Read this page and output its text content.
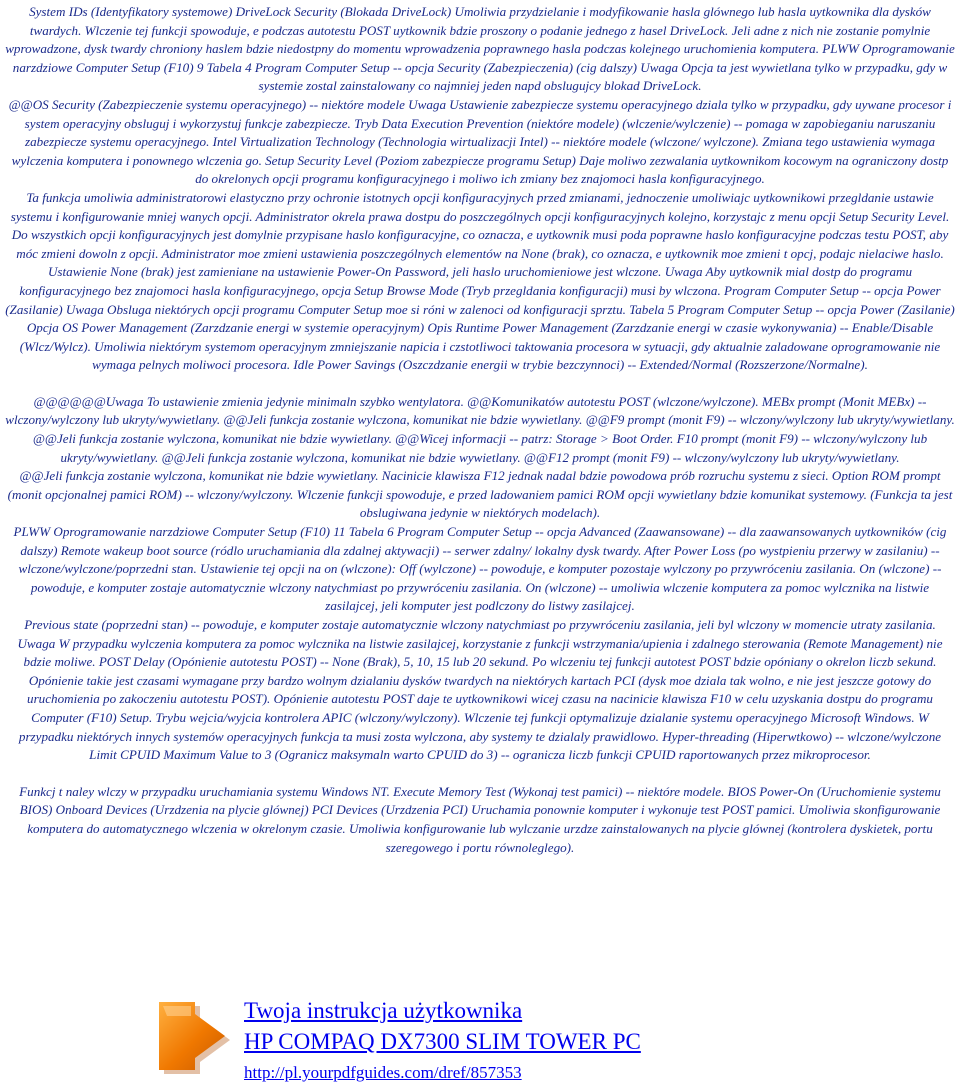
System IDs (Identyfikatory systemowe) DriveLock Security (Blokada DriveLock) Umoliwia przydzielanie i modyfikowanie hasla glównego lub hasla uytkownika dla dysków twardych. Wlczenie tej funkcji spowoduje, e podczas autotestu POST uytkownik bdzie proszony o podanie jednego z hasel DriveLock. Jeli adne z nich nie zostanie pomylnie wprowadzone, dysk twardy chroniony haslem bdzie niedostpny do momentu wprowadzenia poprawnego hasla podczas kolejnego uruchomienia komputera. PLWW Oprogramowanie narzdziowe Computer Setup (F10) 9 Tabela 4 Program Computer Setup -- opcja Security (Zabezpieczenia) (cig dalszy) Uwaga Opcja ta jest wywietlana tylko w przypadku, gdy w systemie zostal zainstalowany co najmniej jeden napd obslugujcy blokad DriveLock.

@@OS Security (Zabezpieczenie systemu operacyjnego) -- niektóre modele Uwaga Ustawienie zabezpiecze systemu operacyjnego dziala tylko w przypadku, gdy uywane procesor i system operacyjny obsluguj i wykorzystuj funkcje zabezpiecze. Tryb Data Execution Prevention (niektóre modele) (wlczenie/wylczenie) -- pomaga w zapobieganiu naruszaniu zabezpiecze systemu operacyjnego. Intel Virtualization Technology (Technologia wirtualizacji Intel) -- niektóre modele (wlczone/ wylczone). Zmiana tego ustawienia wymaga wylczenia komputera i ponownego wlczenia go. Setup Security Level (Poziom zabezpiecze programu Setup) Daje moliwo zezwalania uytkownikom kocowym na ograniczony dostp do okrelonych opcji programu konfiguracyjnego i moliwo ich zmiany bez znajomoci hasla konfiguracyjnego.

Ta funkcja umoliwia administratorowi elastyczno przy ochronie istotnych opcji konfiguracyjnych przed zmianami, jednoczenie umoliwiajc uytkownikowi przegldanie ustawie systemu i konfigurowanie mniej wanych opcji. Administrator okrela prawa dostpu do poszczególnych opcji konfiguracyjnych kolejno, korzystajc z menu opcji Setup Security Level. Do wszystkich opcji konfiguracyjnych jest domylnie przypisane haslo konfiguracyjne, co oznacza, e uytkownik musi poda poprawne haslo konfiguracyjne podczas testu POST, aby móc zmieni dowoln z opcji. Administrator moe zmieni ustawienia poszczególnych elementów na None (brak), co oznacza, e uytkownik moe zmieni t opcj, podajc nielaciwe haslo. Ustawienie None (brak) jest zamieniane na ustawienie Power-On Password, jeli haslo uruchomieniowe jest wlczone. Uwaga Aby uytkownik mial dostp do programu konfiguracyjnego bez znajomoci hasla konfiguracyjnego, opcja Setup Browse Mode (Tryb przegldania konfiguracji) musi by wlczona. Program Computer Setup -- opcja Power (Zasilanie) Uwaga Obsluga niektórych opcji programu Computer Setup moe si róni w zalenoci od konfiguracji sprztu. Tabela 5 Program Computer Setup -- opcja Power (Zasilanie) Opcja OS Power Management (Zarzdzanie energi w systemie operacyjnym) Opis Runtime Power Management (Zarzdzanie energi w czasie wykonywania) -- Enable/Disable (Wlcz/Wylcz). Umoliwia niektórym systemom operacyjnym zmniejszanie napicia i czstotliwoci taktowania procesora w sytuacji, gdy aktualnie zaladowane oprogramowanie nie wymaga pelnych moliwoci procesora. Idle Power Savings (Oszczdzanie energii w trybie bezczynnoci) -- Extended/Normal (Rozszerzone/Normalne).

@@@@@@Uwaga To ustawienie zmienia jedynie minimaln szybko wentylatora. @@Komunikatów autotestu POST (wlczone/wylczone). MEBx prompt (Monit MEBx) -- wlczony/wylczony lub ukryty/wywietlany. @@Jeli funkcja zostanie wylczona, komunikat nie bdzie wywietlany. @@F9 prompt (monit F9) -- wlczony/wylczony lub ukryty/wywietlany. @@Jeli funkcja zostanie wylczona, komunikat nie bdzie wywietlany. @@Wicej informacji -- patrz: Storage > Boot Order. F10 prompt (monit F9) -- wlczony/wylczony lub ukryty/wywietlany. @@Jeli funkcja zostanie wylczona, komunikat nie bdzie wywietlany. @@F12 prompt (monit F9) -- wlczony/wylczony lub ukryty/wywietlany.

@@Jeli funkcja zostanie wylczona, komunikat nie bdzie wywietlany. Nacinicie klawisza F12 jednak nadal bdzie powodowa prób rozruchu systemu z sieci. Option ROM prompt (monit opcjonalnej pamici ROM) -- wlczony/wylczony. Wlczenie funkcji spowoduje, e przed ladowaniem pamici ROM opcji wywietlany bdzie komunikat systemowy. (Funkcja ta jest obslugiwana jedynie w niektórych modelach).

PLWW Oprogramowanie narzdziowe Computer Setup (F10) 11 Tabela 6 Program Computer Setup -- opcja Advanced (Zaawansowane) -- dla zaawansowanych uytkowników (cig dalszy) Remote wakeup boot source (ródlo uruchamiania dla zdalnej aktywacji) -- serwer zdalny/ lokalny dysk twardy. After Power Loss (po wystpieniu przerwy w zasilaniu) -- wlczone/wylczone/poprzedni stan. Ustawienie tej opcji na on (wlczone): Off (wylczone) -- powoduje, e komputer pozostaje wylczony po przywróceniu zasilania. On (wlczone) -- powoduje, e komputer zostaje automatycznie wlczony natychmiast po przywróceniu zasilania. On (wlczone) -- umoliwia wlczenie komputera za pomoc wylcznika na listwie zasilajcej, jeli komputer jest podlczony do listwy zasilajcej.

Previous state (poprzedni stan) -- powoduje, e komputer zostaje automatycznie wlczony natychmiast po przywróceniu zasilania, jeli byl wlczony w momencie utraty zasilania. Uwaga W przypadku wylczenia komputera za pomoc wylcznika na listwie zasilajcej, korzystanie z funkcji wstrzymania/upienia i zdalnego sterowania (Remote Management) nie bdzie moliwe. POST Delay (Opónienie autotestu POST) -- None (Brak), 5, 10, 15 lub 20 sekund. Po wlczeniu tej funkcji autotest POST bdzie opóniany o okrelon liczb sekund. Opónienie takie jest czasami wymagane przy bardzo wolnym dzialaniu dysków twardych na niektórych kartach PCI (dysk moe dziala tak wolno, e nie jest jeszcze gotowy do uruchomienia po zakoczeniu autotestu POST). Opónienie autotestu POST daje te uytkownikowi wicej czasu na nacinicie klawisza F10 w celu uzyskania dostpu do programu Computer (F10) Setup. Trybu wejcia/wyjcia kontrolera APIC (wlczony/wylczony). Wlczenie tej funkcji optymalizuje dzialanie systemu operacyjnego Microsoft Windows. W przypadku niektórych innych systemów operacyjnych funkcja ta musi zosta wylczona, aby systemy te dzialaly prawidlowo. Hyper-threading (Hiperwtkowo) -- wlczone/wylczone Limit CPUID Maximum Value to 3 (Ogranicz maksymaln warto CPUID do 3) -- ogranicza liczb funkcji CPUID raportowanych przez mikroprocesor.

Funkcj t naley wlczy w przypadku uruchamiania systemu Windows NT. Execute Memory Test (Wykonaj test pamici) -- niektóre modele. BIOS Power-On (Uruchomienie systemu BIOS) Onboard Devices (Urzdzenia na plycie glównej) PCI Devices (Urzdzenia PCI) Uruchamia ponownie komputer i wykonuje test POST pamici. Umoliwia skonfigurowanie komputera do automatycznego wlczenia w okrelonym czasie. Umoliwia konfigurowanie lub wylczanie urzdze zainstalowanych na plycie glównej (kontrolera dyskietek, portu szeregowego i portu równoleglego).

Twoja instrukcja użytkownika
HP COMPAQ DX7300 SLIM TOWER PC
http://pl.yourpdfguides.com/dref/857353
